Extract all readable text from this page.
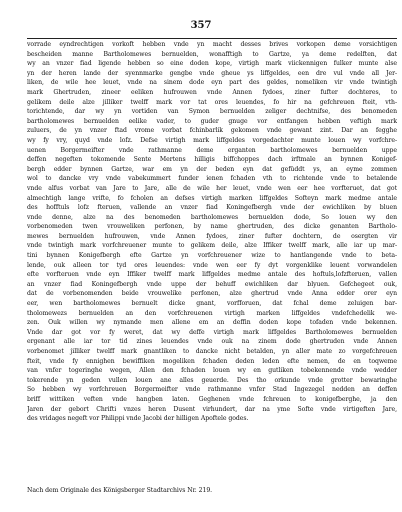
357
vorrade eyndrechtigen vorkoft hebben vnde yn macht desses brives vorkopen deme vorsichtigen
bescheiden manne Bartholomewes bernuelden, wonafftigh to Gartze, ya deme redelften, dat
wy an vnzer fiad ligende hebben so eine doden kope, virtigh mark viickennigen fulker munte alse
yn der heren lande der syennmarke gengbe vnde gheue ys liffgeldes, een dre vul vnde all Jer-
liken, de wile hee leuet, vnde na sinem dode eyn part des geldes, nomeliken vir vnde twintigh
mark Ghertruden, zineer eeliken hufrouwen vnde Annen fydoes, ziner fufter dochteres, to
gelikem deile alze jilliker twelff mark vor tat ores leuendes, fo hir na gefchreuen fteit, vth-
torichtende, dar wy yn vortiden van Symon bernuelden zeliger dechtnifse, des benomeden
bartholomewes bernuelden eelike vader, to guder gnuge vor entfangen hebben veftigh mark
zuluers, de yn vnzer ftad vrome vorbat fchinbarlik gekomen vnde gewant zint. Dar an fegghe
wy fy vry, quyd vnde lofz. Defse virtigh mark liffgeldes vorgedachter munte louen wy vorfchre-
uenen Borgermeifter vnde rathmanne deme erganten bartholomewes bernuelden uppe
deffen negeften tokomende Sente Mertens hilligis biffchoppes dach irftmale an bynnen Konigef-
bergh edder bynnen Gartze, war em yn der beden eyn dat gefüddt ys, an eyme zommen
wol to dancke vry vnde vabekummert funder ienen fchaden vth to richtende vnde to betalende
vnde alfus vorbat van Jare to Jare, alle de wile her leuet, vnde wen eer hee vorfteruet, dat got
almechtigh lange vrifte, fo fcholen an defses virtigh marken liffgeldes Softeyn mark medme antale
des hofftuls lofz fteruen, vallende an vnzer fiad Koningefbergh vnde der ewichliken by bluen
vnde denne, alze na des benomeden bartholomewes bernuelden dode, So louen wy den
vorbenomeden twen vrouweliken perfonen, by name ghertruden, des dicke genanten Bartholo-
mewes bernuelden hufrouwen, vnde Annen fydoes, ziner fufter dochtern, de osergten vir
vnde twintigh mark vorfchreuener munte to gelikem deile, alze Iffiker twelff mark, alle iar up mar-
tini bynnen Konigefbergh efte Gartze yn vorfchreuener wize to hantlangende vnde to beta-
lende, ouk alleen tor tyd ores leuendes: vnde wen eer fy dyt vorgenklike leuent vorwandelen
efte vorfteruen vnde eyn Iffiker twelff mark liffgeldes medme antale des hoftuls,lofzfteruen, vallen
an vnzer fiad Koningefbergh vnde uppe der behuff ewichliken dar blyuen. Gefchegeet ouk,
dat de vorbenomenden beide vrouwelike perfonen, alze ghertrud vnde Anna edder orer eyn
eer, wen bartholomewes bernuelt dicke gnant, vorfforuen, dat fchal deme zeluigen bar-
tholomewezs bernuelden an den vorfchreuenen virtigh marken liffgeldes vndefchedelik we-
zen. Ouk willen wy nymande men allene em an deffin doden kope tofaden vnde bekennen.
Vnde dar got vor fy weret, dat wy deffe virtigh mark liffgeldes Bartholomewes bernuelden
ergenant alle iar tor tid zines leuendes vnde ouk na zinem dode ghertruden vnde Annen
vorbenomet jilliker twelff mark gnantliken to dancke nicht betalden, yn aller mate zo vorgefchreuen
fteit, vnde fy ennighen bewiffiken mogeliken fchaden deden leden efte nemen, de en toqweme
van vnfer togeringhe wegen, Allen den fchaden louen wy en gutliken tobekennende vnde wedder
tokerende yn geden vullen louen ane alles geuerde. Des tho orkunde vnde grotter bewaringhe
So hebben wy vorfchreuen Borgermeifter vnde rathmanne vnfer Stad Ingezegel nedden an deffen
briff wittiken veften vnde hangben laten. Geghenen vnde fchreuen to konigefberghe, ja den
Jaren der gebort Chrifti vnzes heren Dusent virhundert, dar na yme Softe vnde virtigeften Jare,
des vridages negeft vor Philippi vnde Jacobi der hilligen Apoftele godes.
Nach dem Originale des Königsberger Stadtarchivs Nr. 219.
